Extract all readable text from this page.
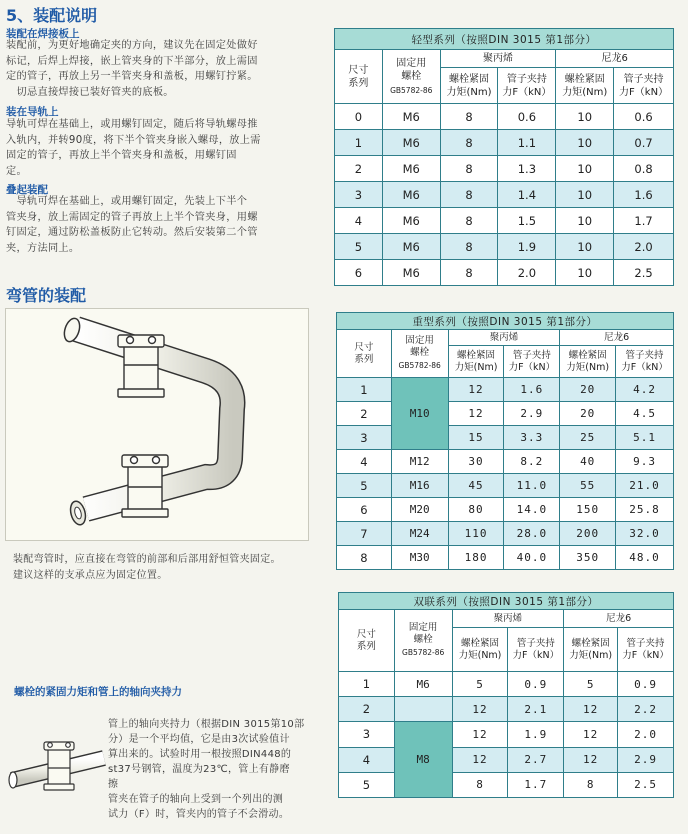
5、装配说明
装配在焊接板上
装配前，为更好地确定夹的方向，建议先在固定处做好
标记，后焊上焊接，嵌上管夹身的下半部分，放上需固
定的管子，再放上另一半管夹身和盖板，用螺钉拧紧。
　切忌直接焊接已装好管夹的底板。
装在导轨上
导轨可焊在基础上，或用螺钉固定，随后将导轨螺母推
入轨内，并转90度，将下半个管夹身嵌入螺母，放上需
固定的管子，再放上半个管夹身和盖板，用螺钉固
定。
叠起装配
　导轨可焊在基础上，或用螺钉固定，先装上下半个
管夹身，放上需固定的管子再放上上半个管夹身，用螺
钉固定，通过防松盖板防止它转动。然后安装第二个管
夹，方法同上。
弯管的装配
装配弯管时，应直接在弯管的前部和后部用舒恒管夹固定。
建议这样的支承点应为固定位置。
螺栓的紧固力矩和管上的轴向夹持力
管上的轴向夹持力（根据DIN 3015第10部
分）是一个平均值，它是由3次试验值计
算出来的。试验时用一根按照DIN448的
st37号钢管，温度为23℃，管上有静磨
擦
管夹在管子的轴向上受到一个列出的测
试力（F）时，管夹内的管子不会滑动。
轻型系列（按照DIN 3015 第1部分）					
尺寸
系列	固定用
螺栓
GB5782-86	聚丙烯		尼龙6	
		螺栓紧固
力矩(Nm)	管子夹持
力F（kN）	螺栓紧固
力矩(Nm)	管子夹持
力F（kN）
0	M6	8	0.6	10	0.6
1	M6	8	1.1	10	0.7
2	M6	8	1.3	10	0.8
3	M6	8	1.4	10	1.6
4	M6	8	1.5	10	1.7
5	M6	8	1.9	10	2.0
6	M6	8	2.0	10	2.5
重型系列（按照DIN 3015 第1部分）					
尺寸
系列	固定用
螺栓
GB5782-86	聚丙烯		尼龙6	
		螺栓紧固
力矩(Nm)	管子夹持
力F（kN）	螺栓紧固
力矩(Nm)	管子夹持
力F（kN）
1	M10	12	1.6	20	4.2
2		12	2.9	20	4.5
3		15	3.3	25	5.1
4	M12	30	8.2	40	9.3
5	M16	45	11.0	55	21.0
6	M20	80	14.0	150	25.8
7	M24	110	28.0	200	32.0
8	M30	180	40.0	350	48.0
双联系列（按照DIN 3015 第1部分）					
尺寸
系列	固定用
螺栓
GB5782-86	聚丙烯		尼龙6	
		螺栓紧固
力矩(Nm)	管子夹持
力F（kN）	螺栓紧固
力矩(Nm)	管子夹持
力F（kN）
1	M6	5	0.9	5	0.9
2		12	2.1	12	2.2
3	M8	12	1.9	12	2.0
4		12	2.7	12	2.9
5		8	1.7	8	2.5
